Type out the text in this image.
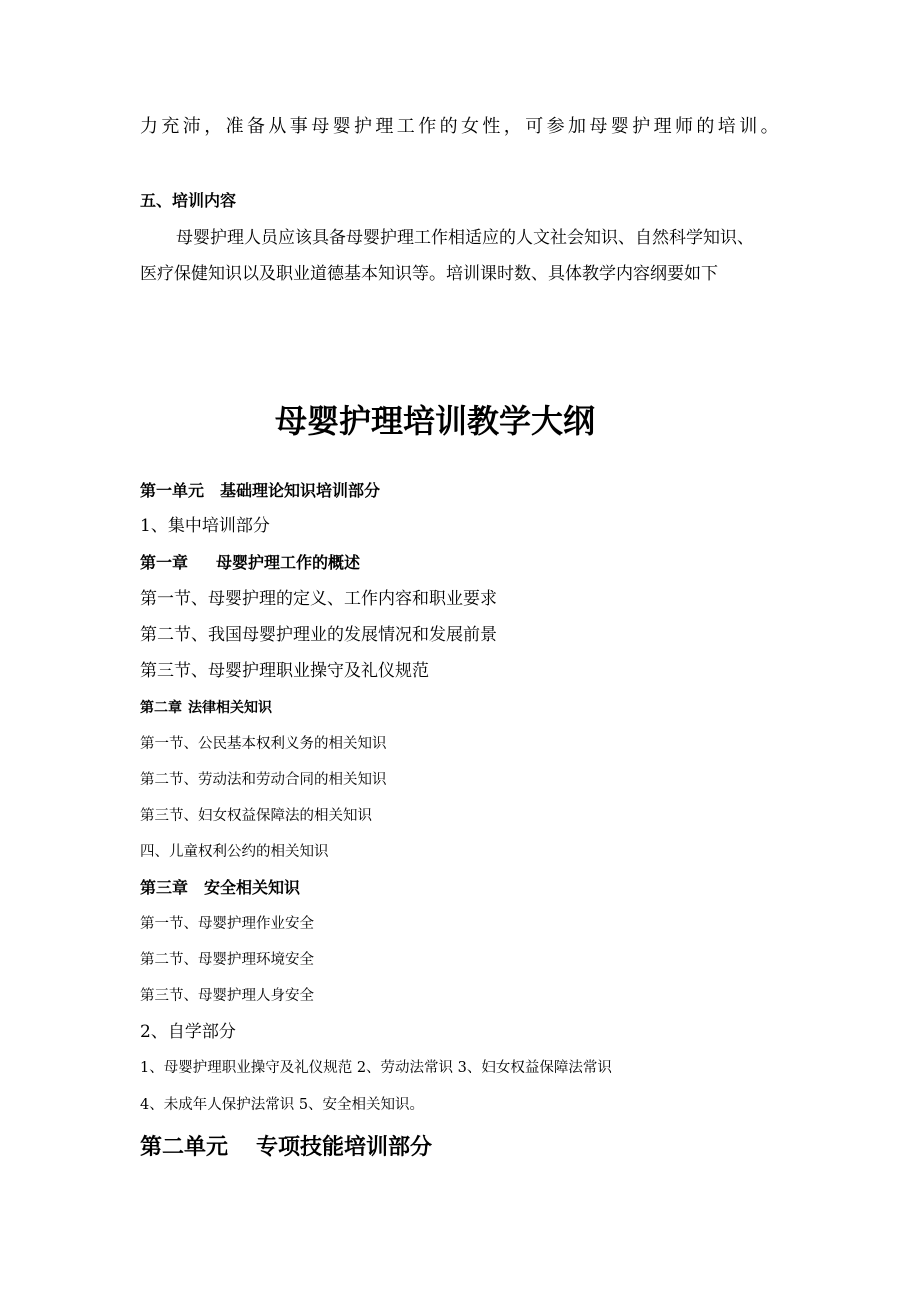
力充沛，准备从事母婴护理工作的女性，可参加母婴护理师的培训。
五、培训内容
母婴护理人员应该具备母婴护理工作相适应的人文社会知识、自然科学知识、
医疗保健知识以及职业道德基本知识等。培训课时数、具体教学内容纲要如下
母婴护理培训教学大纲
第一单元 基础理论知识培训部分
1、集中培训部分
第一章 母婴护理工作的概述
第一节、母婴护理的定义、工作内容和职业要求
第二节、我国母婴护理业的发展情况和发展前景
第三节、母婴护理职业操守及礼仪规范
第二章 法律相关知识
第一节、公民基本权利义务的相关知识
第二节、劳动法和劳动合同的相关知识
第三节、妇女权益保障法的相关知识
四、儿童权利公约的相关知识
第三章 安全相关知识
第一节、母婴护理作业安全
第二节、母婴护理环境安全
第三节、母婴护理人身安全
2、自学部分
1、母婴护理职业操守及礼仪规范 2、劳动法常识 3、妇女权益保障法常识
4、未成年人保护法常识 5、安全相关知识。
第二单元 专项技能培训部分
